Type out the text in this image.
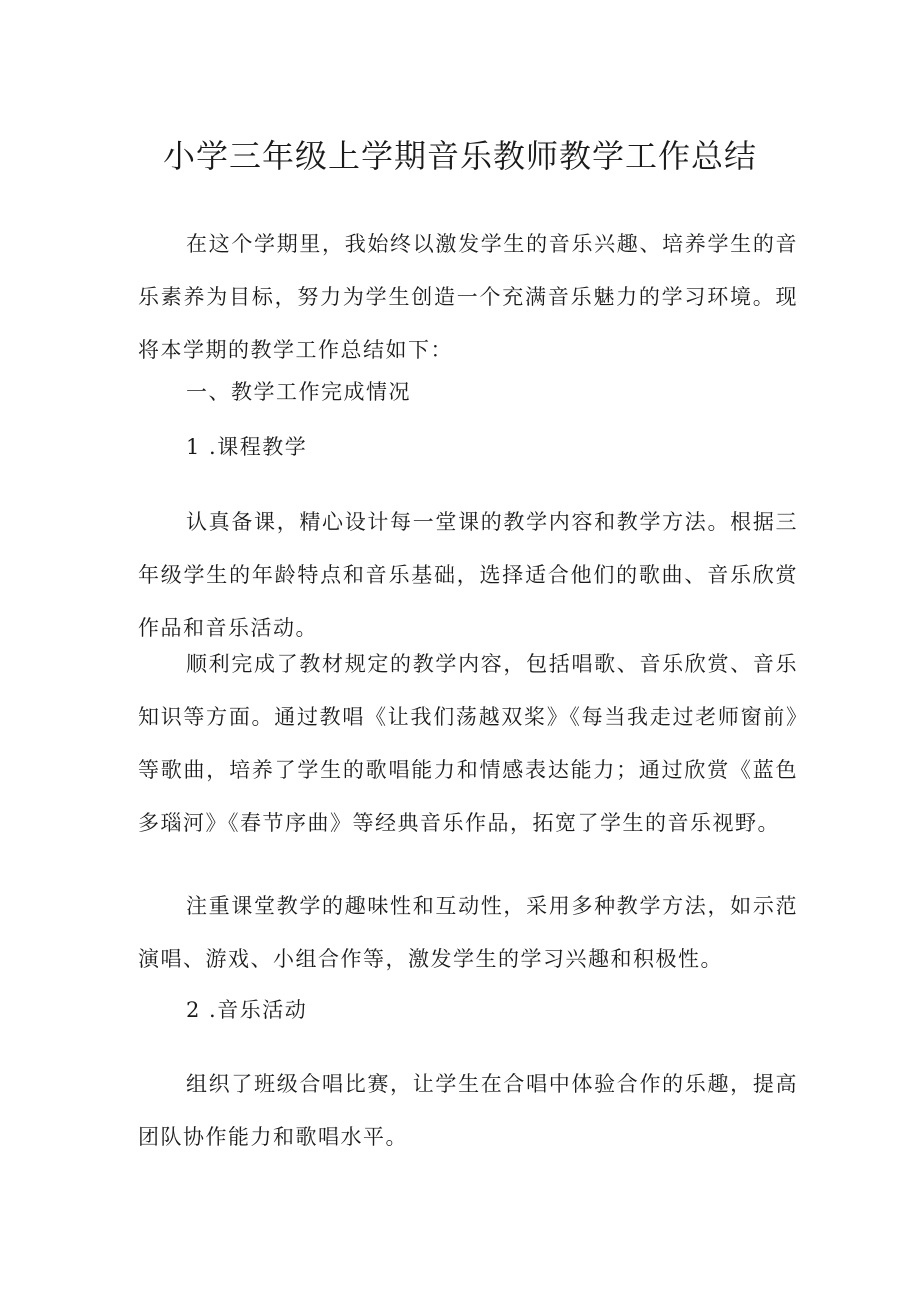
小学三年级上学期音乐教师教学工作总结

在这个学期里，我始终以激发学生的音乐兴趣、培养学生的音乐素养为目标，努力为学生创造一个充满音乐魅力的学习环境。现将本学期的教学工作总结如下：

一、教学工作完成情况

1 .课程教学

认真备课，精心设计每一堂课的教学内容和教学方法。根据三年级学生的年龄特点和音乐基础，选择适合他们的歌曲、音乐欣赏作品和音乐活动。

顺利完成了教材规定的教学内容，包括唱歌、音乐欣赏、音乐知识等方面。通过教唱《让我们荡越双桨》《每当我走过老师窗前》等歌曲，培养了学生的歌唱能力和情感表达能力；通过欣赏《蓝色多瑙河》《春节序曲》等经典音乐作品，拓宽了学生的音乐视野。

注重课堂教学的趣味性和互动性，采用多种教学方法，如示范演唱、游戏、小组合作等，激发学生的学习兴趣和积极性。

2 .音乐活动

组织了班级合唱比赛，让学生在合唱中体验合作的乐趣，提高团队协作能力和歌唱水平。
